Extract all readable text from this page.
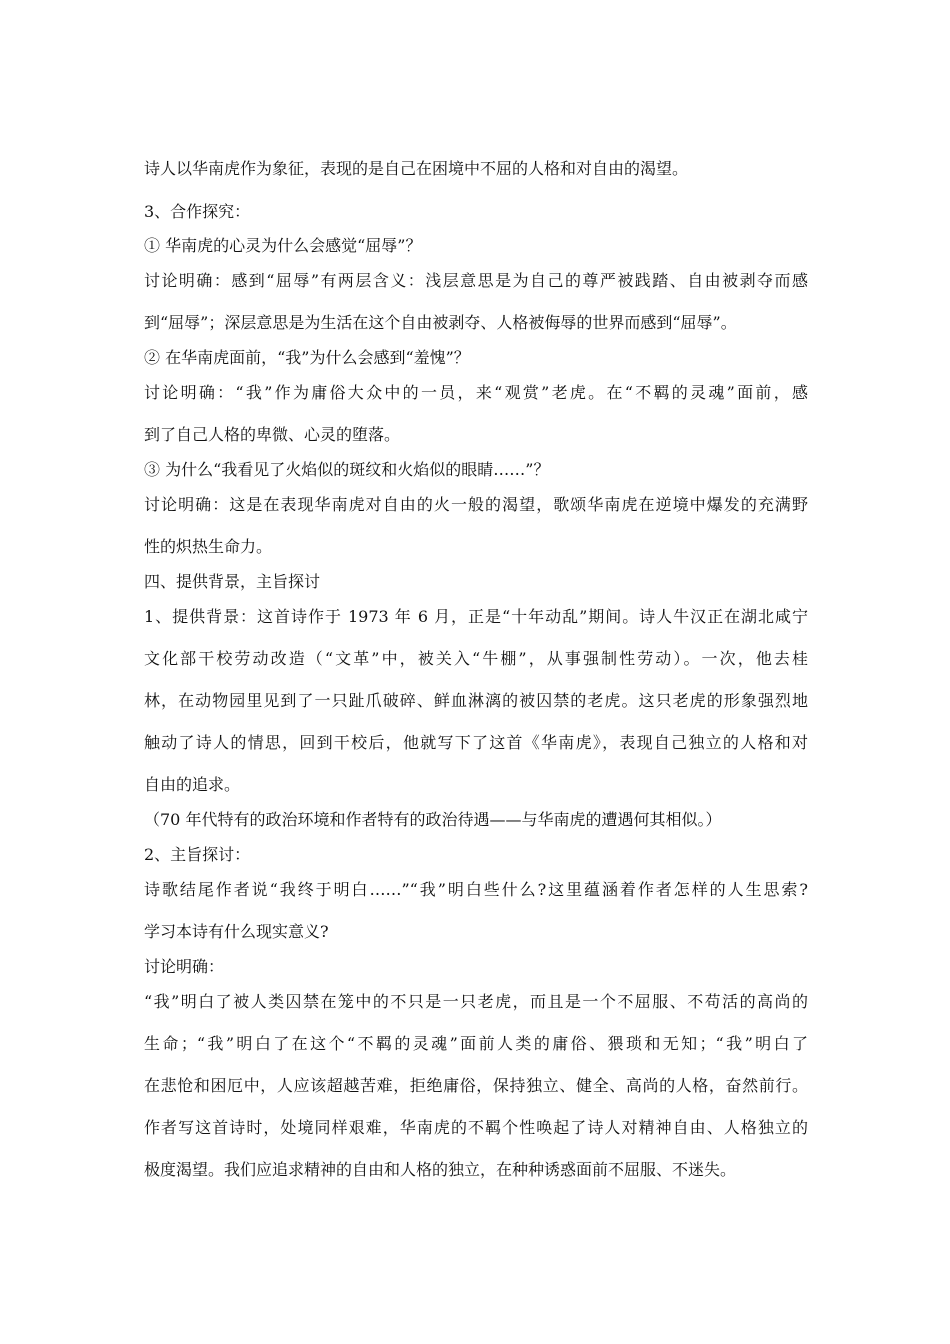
诗人以华南虎作为象征，表现的是自己在困境中不屈的人格和对自由的渴望。
3、合作探究：
① 华南虎的心灵为什么会感觉“屈辱”？
讨论明确：感到“屈辱”有两层含义：浅层意思是为自己的尊严被践踏、自由被剥夺而感
到“屈辱”；深层意思是为生活在这个自由被剥夺、人格被侮辱的世界而感到“屈辱”。
② 在华南虎面前，“我”为什么会感到“羞愧”？
讨论明确：“我”作为庸俗大众中的一员，来“观赏”老虎。在“不羁的灵魂”面前，感
到了自己人格的卑微、心灵的堕落。
③ 为什么“我看见了火焰似的斑纹和火焰似的眼睛……”？
讨论明确：这是在表现华南虎对自由的火一般的渴望，歌颂华南虎在逆境中爆发的充满野
性的炽热生命力。
四、提供背景，主旨探讨
1、提供背景：这首诗作于 1973 年 6 月，正是“十年动乱”期间。诗人牛汉正在湖北咸宁
文化部干校劳动改造（“文革”中，被关入“牛棚”，从事强制性劳动）。一次，他去桂
林，在动物园里见到了一只趾爪破碎、鲜血淋漓的被囚禁的老虎。这只老虎的形象强烈地
触动了诗人的情思，回到干校后，他就写下了这首《华南虎》，表现自己独立的人格和对
自由的追求。
（70 年代特有的政治环境和作者特有的政治待遇——与华南虎的遭遇何其相似。）
2、主旨探讨：
诗歌结尾作者说“我终于明白……”“我”明白些什么?这里蕴涵着作者怎样的人生思索?
学习本诗有什么现实意义?
讨论明确：
“我”明白了被人类囚禁在笼中的不只是一只老虎，而且是一个不屈服、不苟活的高尚的
生命；“我”明白了在这个“不羁的灵魂”面前人类的庸俗、猥琐和无知；“我”明白了
在悲怆和困厄中，人应该超越苦难，拒绝庸俗，保持独立、健全、高尚的人格，奋然前行。
作者写这首诗时，处境同样艰难，华南虎的不羁个性唤起了诗人对精神自由、人格独立的
极度渴望。我们应追求精神的自由和人格的独立，在种种诱惑面前不屈服、不迷失。
